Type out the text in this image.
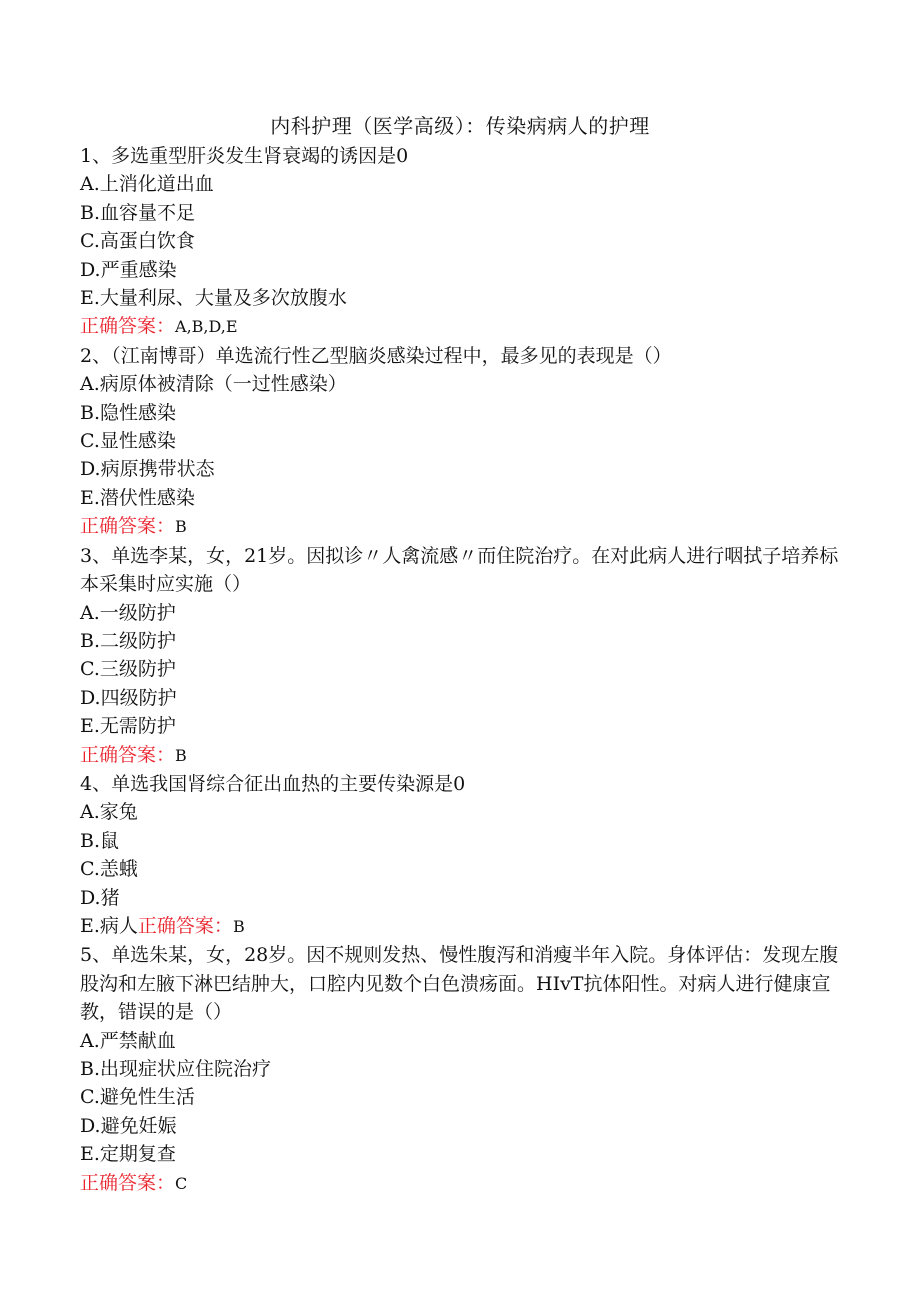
内科护理（医学高级）：传染病病人的护理
1、多选重型肝炎发生肾衰竭的诱因是0
A.上消化道出血
B.血容量不足
C.高蛋白饮食
D.严重感染
E.大量利尿、大量及多次放腹水
正确答案：A,B,D,E
2、（江南博哥）单选流行性乙型脑炎感染过程中，最多见的表现是（）
A.病原体被清除（一过性感染）
B.隐性感染
C.显性感染
D.病原携带状态
E.潜伏性感染
正确答案：B
3、单选李某，女，21岁。因拟诊〃人禽流感〃而住院治疗。在对此病人进行咽拭子培养标本采集时应实施（）
A.一级防护
B.二级防护
C.三级防护
D.四级防护
E.无需防护
正确答案：B
4、单选我国肾综合征出血热的主要传染源是0
A.家兔
B.鼠
C.恙蛾
D.猪
E.病人正确答案：B
5、单选朱某，女，28岁。因不规则发热、慢性腹泻和消瘦半年入院。身体评估：发现左腹股沟和左腋下淋巴结肿大，口腔内见数个白色溃疡面。HIvT抗体阳性。对病人进行健康宣教，错误的是（）
A.严禁献血
B.出现症状应住院治疗
C.避免性生活
D.避免妊娠
E.定期复查
正确答案：C
